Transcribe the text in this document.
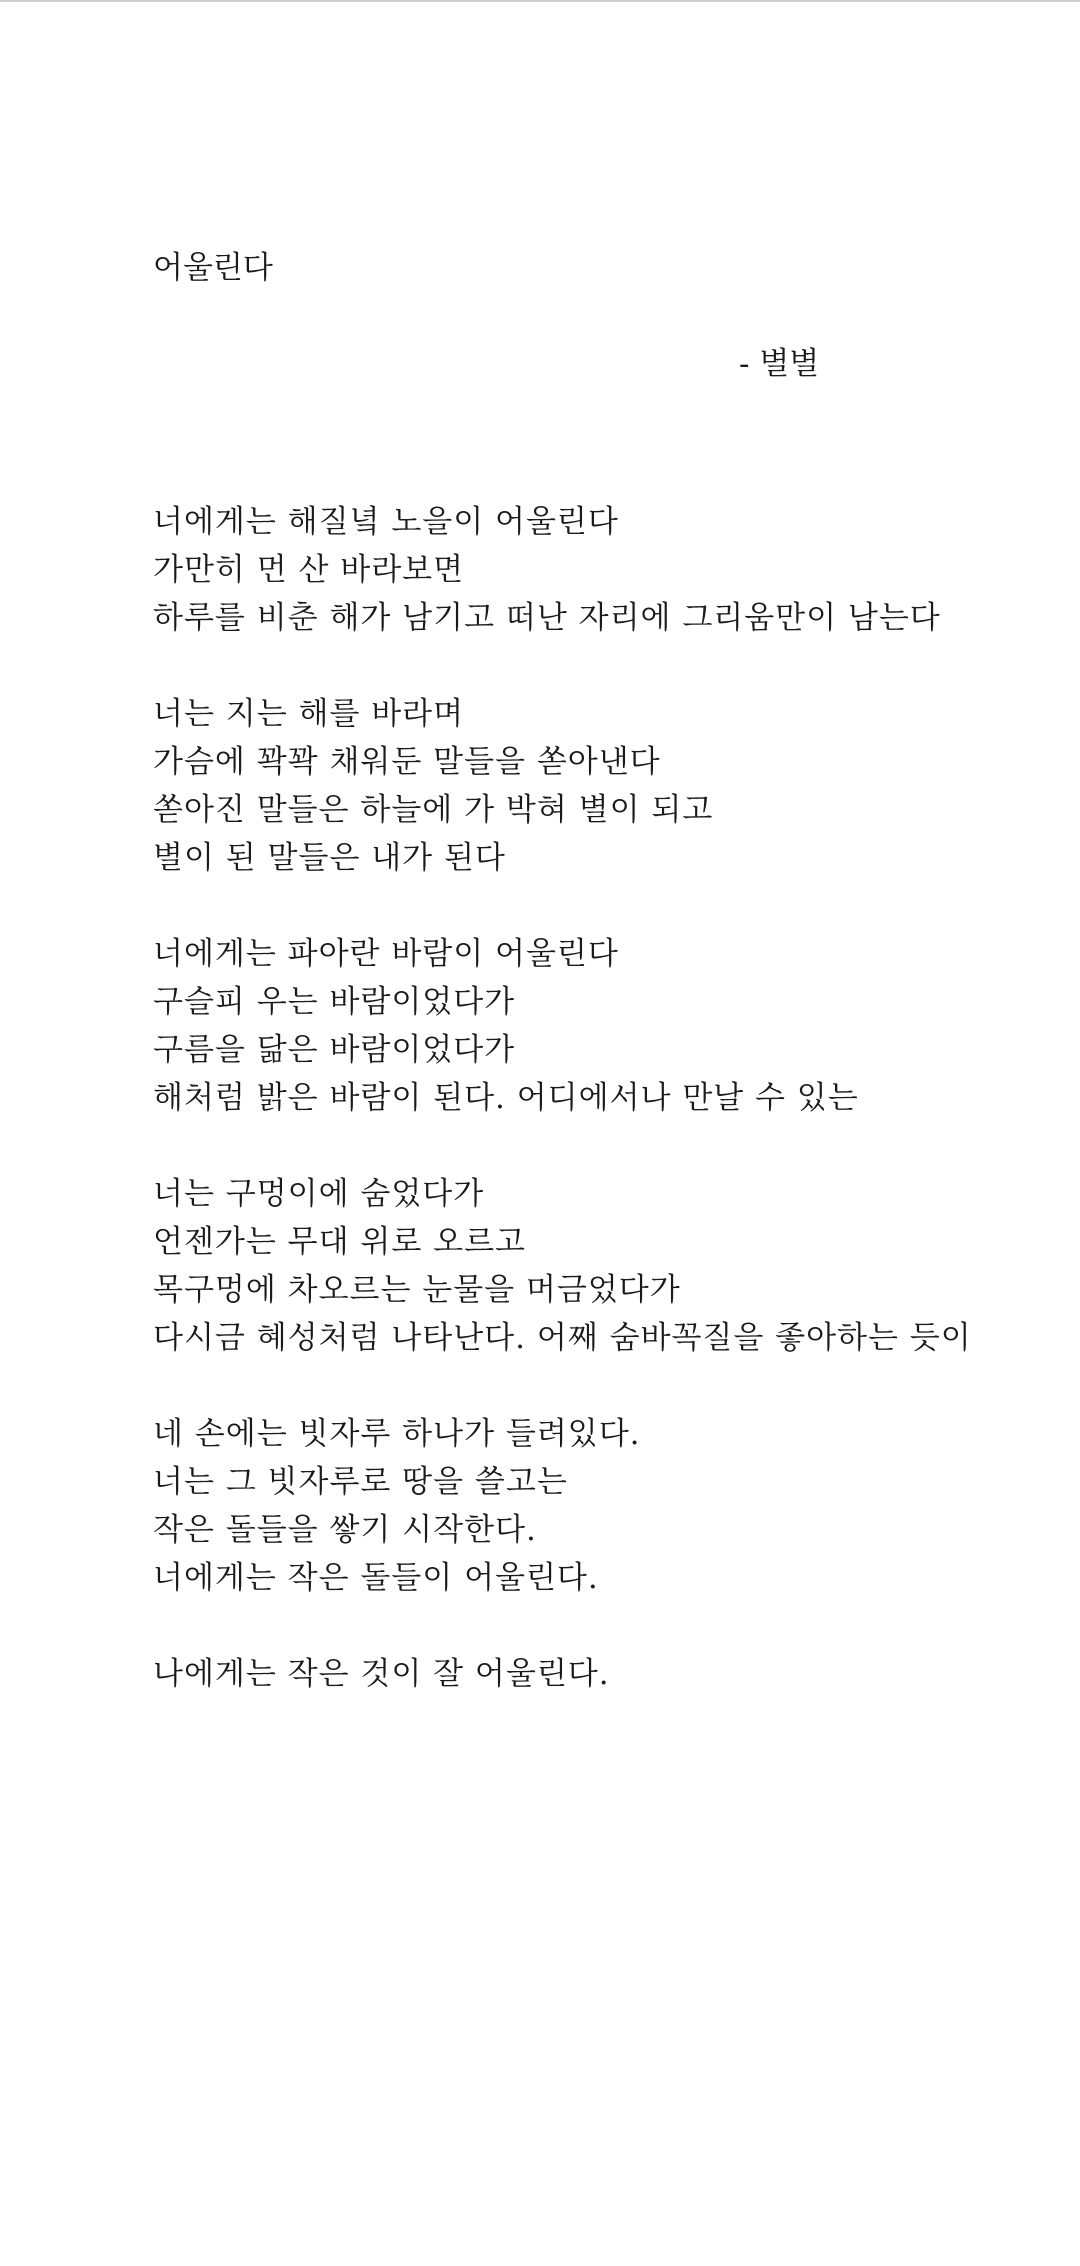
어울린다

- 별별

너에게는 해질녘 노을이 어울린다
가만히 먼 산 바라보면
하루를 비춘 해가 남기고 떠난 자리에 그리움만이 남는다
너는 지는 해를 바라며
가슴에 꽉꽉 채워둔 말들을 쏟아낸다
쏟아진 말들은 하늘에 가 박혀 별이 되고
별이 된 말들은 내가 된다
너에게는 파아란 바람이 어울린다
구슬피 우는 바람이었다가
구름을 닮은 바람이었다가
해처럼 밝은 바람이 된다. 어디에서나 만날 수 있는
너는 구멍이에 숨었다가
언젠가는 무대 위로 오르고
목구멍에 차오르는 눈물을 머금었다가
다시금 혜성처럼 나타난다. 어째 숨바꼭질을 좋아하는 듯이
네 손에는 빗자루 하나가 들려있다.
너는 그 빗자루로 땅을 쓸고는
작은 돌들을 쌓기 시작한다.
너에게는 작은 돌들이 어울린다.
나에게는 작은 것이 잘 어울린다.
